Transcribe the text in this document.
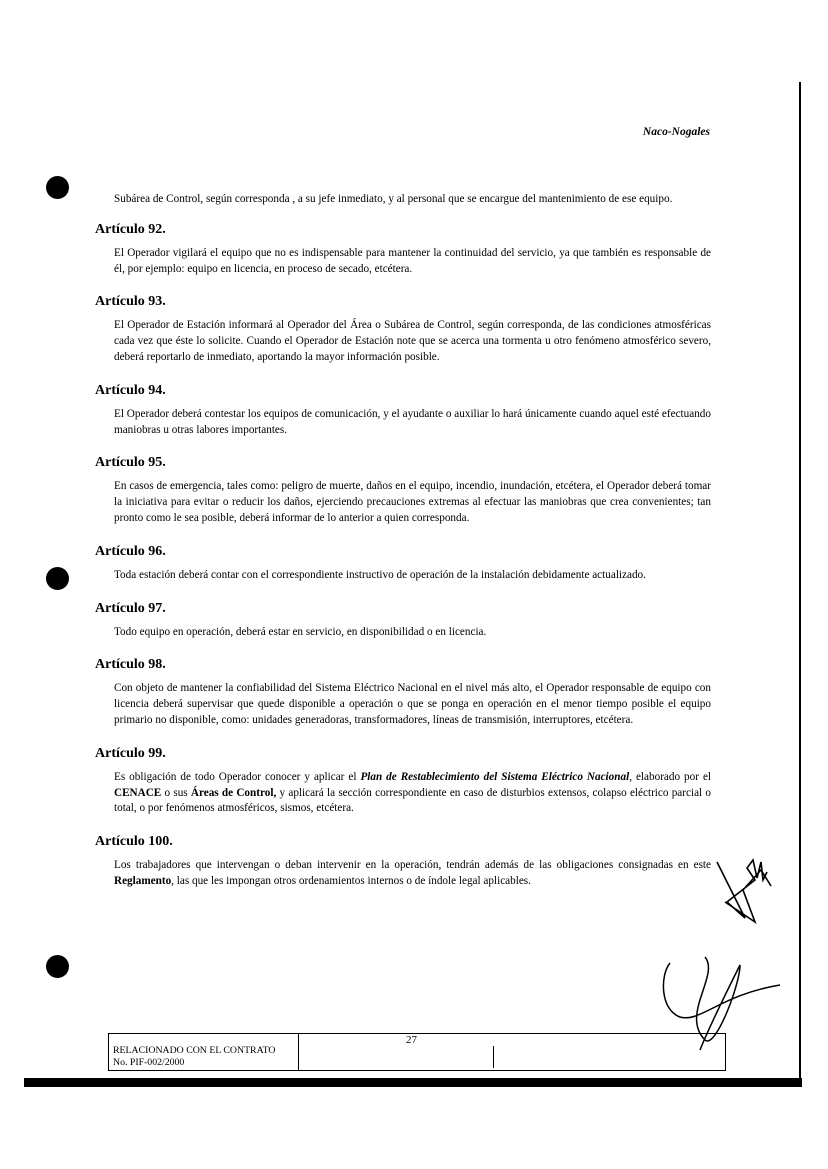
Naco-Nogales

Subárea de Control, según corresponda , a su jefe inmediato, y al personal que se encargue del mantenimiento de ese equipo.

Artículo 92.

El Operador vigilará el equipo que no es indispensable para mantener la continuidad del servicio, ya que también es responsable de él, por ejemplo: equipo en licencia, en proceso de secado, etcétera.

Artículo 93.

El Operador de Estación informará al Operador del Área o Subárea de Control, según corresponda, de las condiciones atmosféricas cada vez que éste lo solicite. Cuando el Operador de Estación note que se acerca una tormenta u otro fenómeno atmosférico severo, deberá reportarlo de inmediato, aportando la mayor información posible.

Artículo 94.

El Operador deberá contestar los equipos de comunicación, y el ayudante o auxiliar lo hará únicamente cuando aquel esté efectuando maniobras u otras labores importantes.

Artículo 95.

En casos de emergencia, tales como: peligro de muerte, daños en el equipo, incendio, inundación, etcétera, el Operador deberá tomar la iniciativa para evitar o reducir los daños, ejerciendo precauciones extremas al efectuar las maniobras que crea convenientes; tan pronto como le sea posible, deberá informar de lo anterior a quien corresponda.

Artículo 96.

Toda estación deberá contar con el correspondiente instructivo de operación de la instalación debidamente actualizado.

Artículo 97.

Todo equipo en operación, deberá estar en servicio, en disponibilidad o en licencia.

Artículo 98.

Con objeto de mantener la confiabilidad del Sistema Eléctrico Nacional en el nivel más alto, el Operador responsable de equipo con licencia deberá supervisar que quede disponible a operación o que se ponga en operación en el menor tiempo posible el equipo primario no disponible, como: unidades generadoras, transformadores, líneas de transmisión, interruptores, etcétera.

Artículo 99.

Es obligación de todo Operador conocer y aplicar el Plan de Restablecimiento del Sistema Eléctrico Nacional, elaborado por el CENACE o sus Áreas de Control, y aplicará la sección correspondiente en caso de disturbios extensos, colapso eléctrico parcial o total, o por fenómenos atmosféricos, sismos, etcétera.

Artículo 100.

Los trabajadores que intervengan o deban intervenir en la operación, tendrán además de las obligaciones consignadas en este Reglamento, las que les impongan otros ordenamientos internos o de índole legal aplicables.

RELACIONADO CON EL CONTRATO
No. PIF-002/2000
27
